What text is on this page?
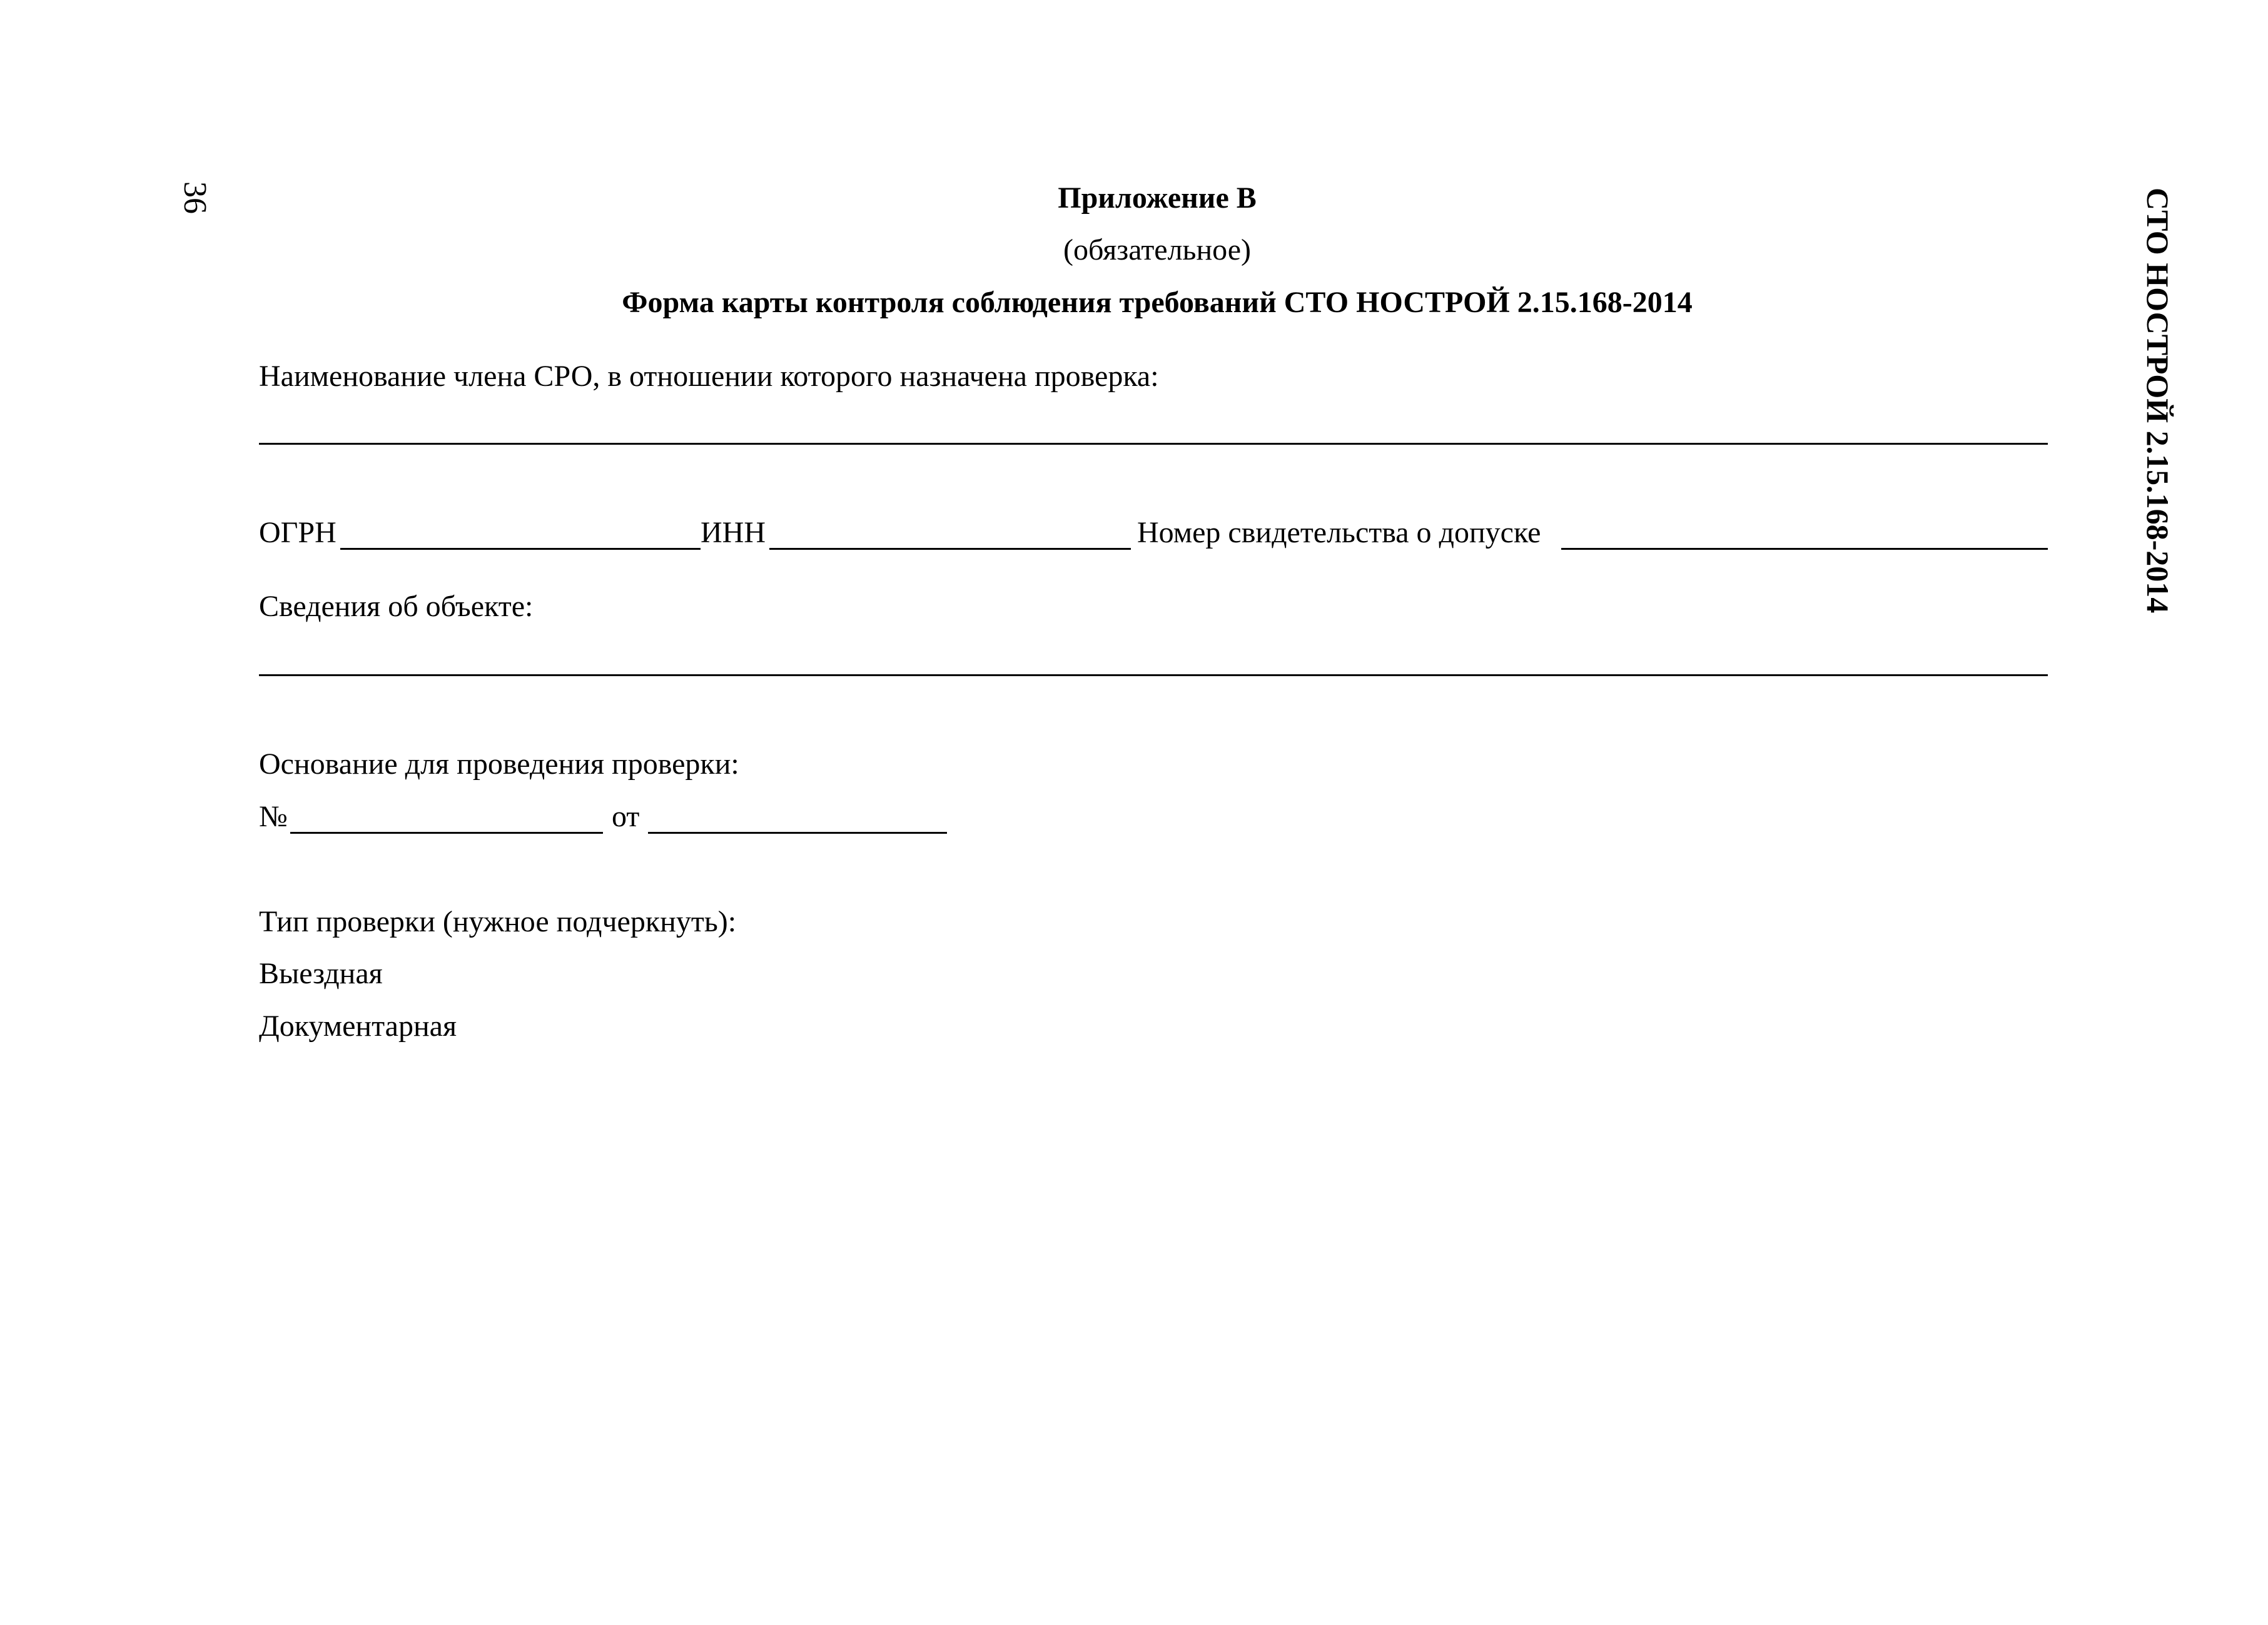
36	СТО НОСТРОЙ 2.15.168-2014
Приложение В
(обязательное)
Форма карты контроля соблюдения требований СТО НОСТРОЙ 2.15.168-2014
Наименование члена СРО, в отношении которого назначена проверка:
ОГРН	ИНН	Номер свидетельства о допуске
Сведения об объекте:
Основание для проведения проверки:
№	от
Тип проверки (нужное подчеркнуть):
Выездная
Документарная
